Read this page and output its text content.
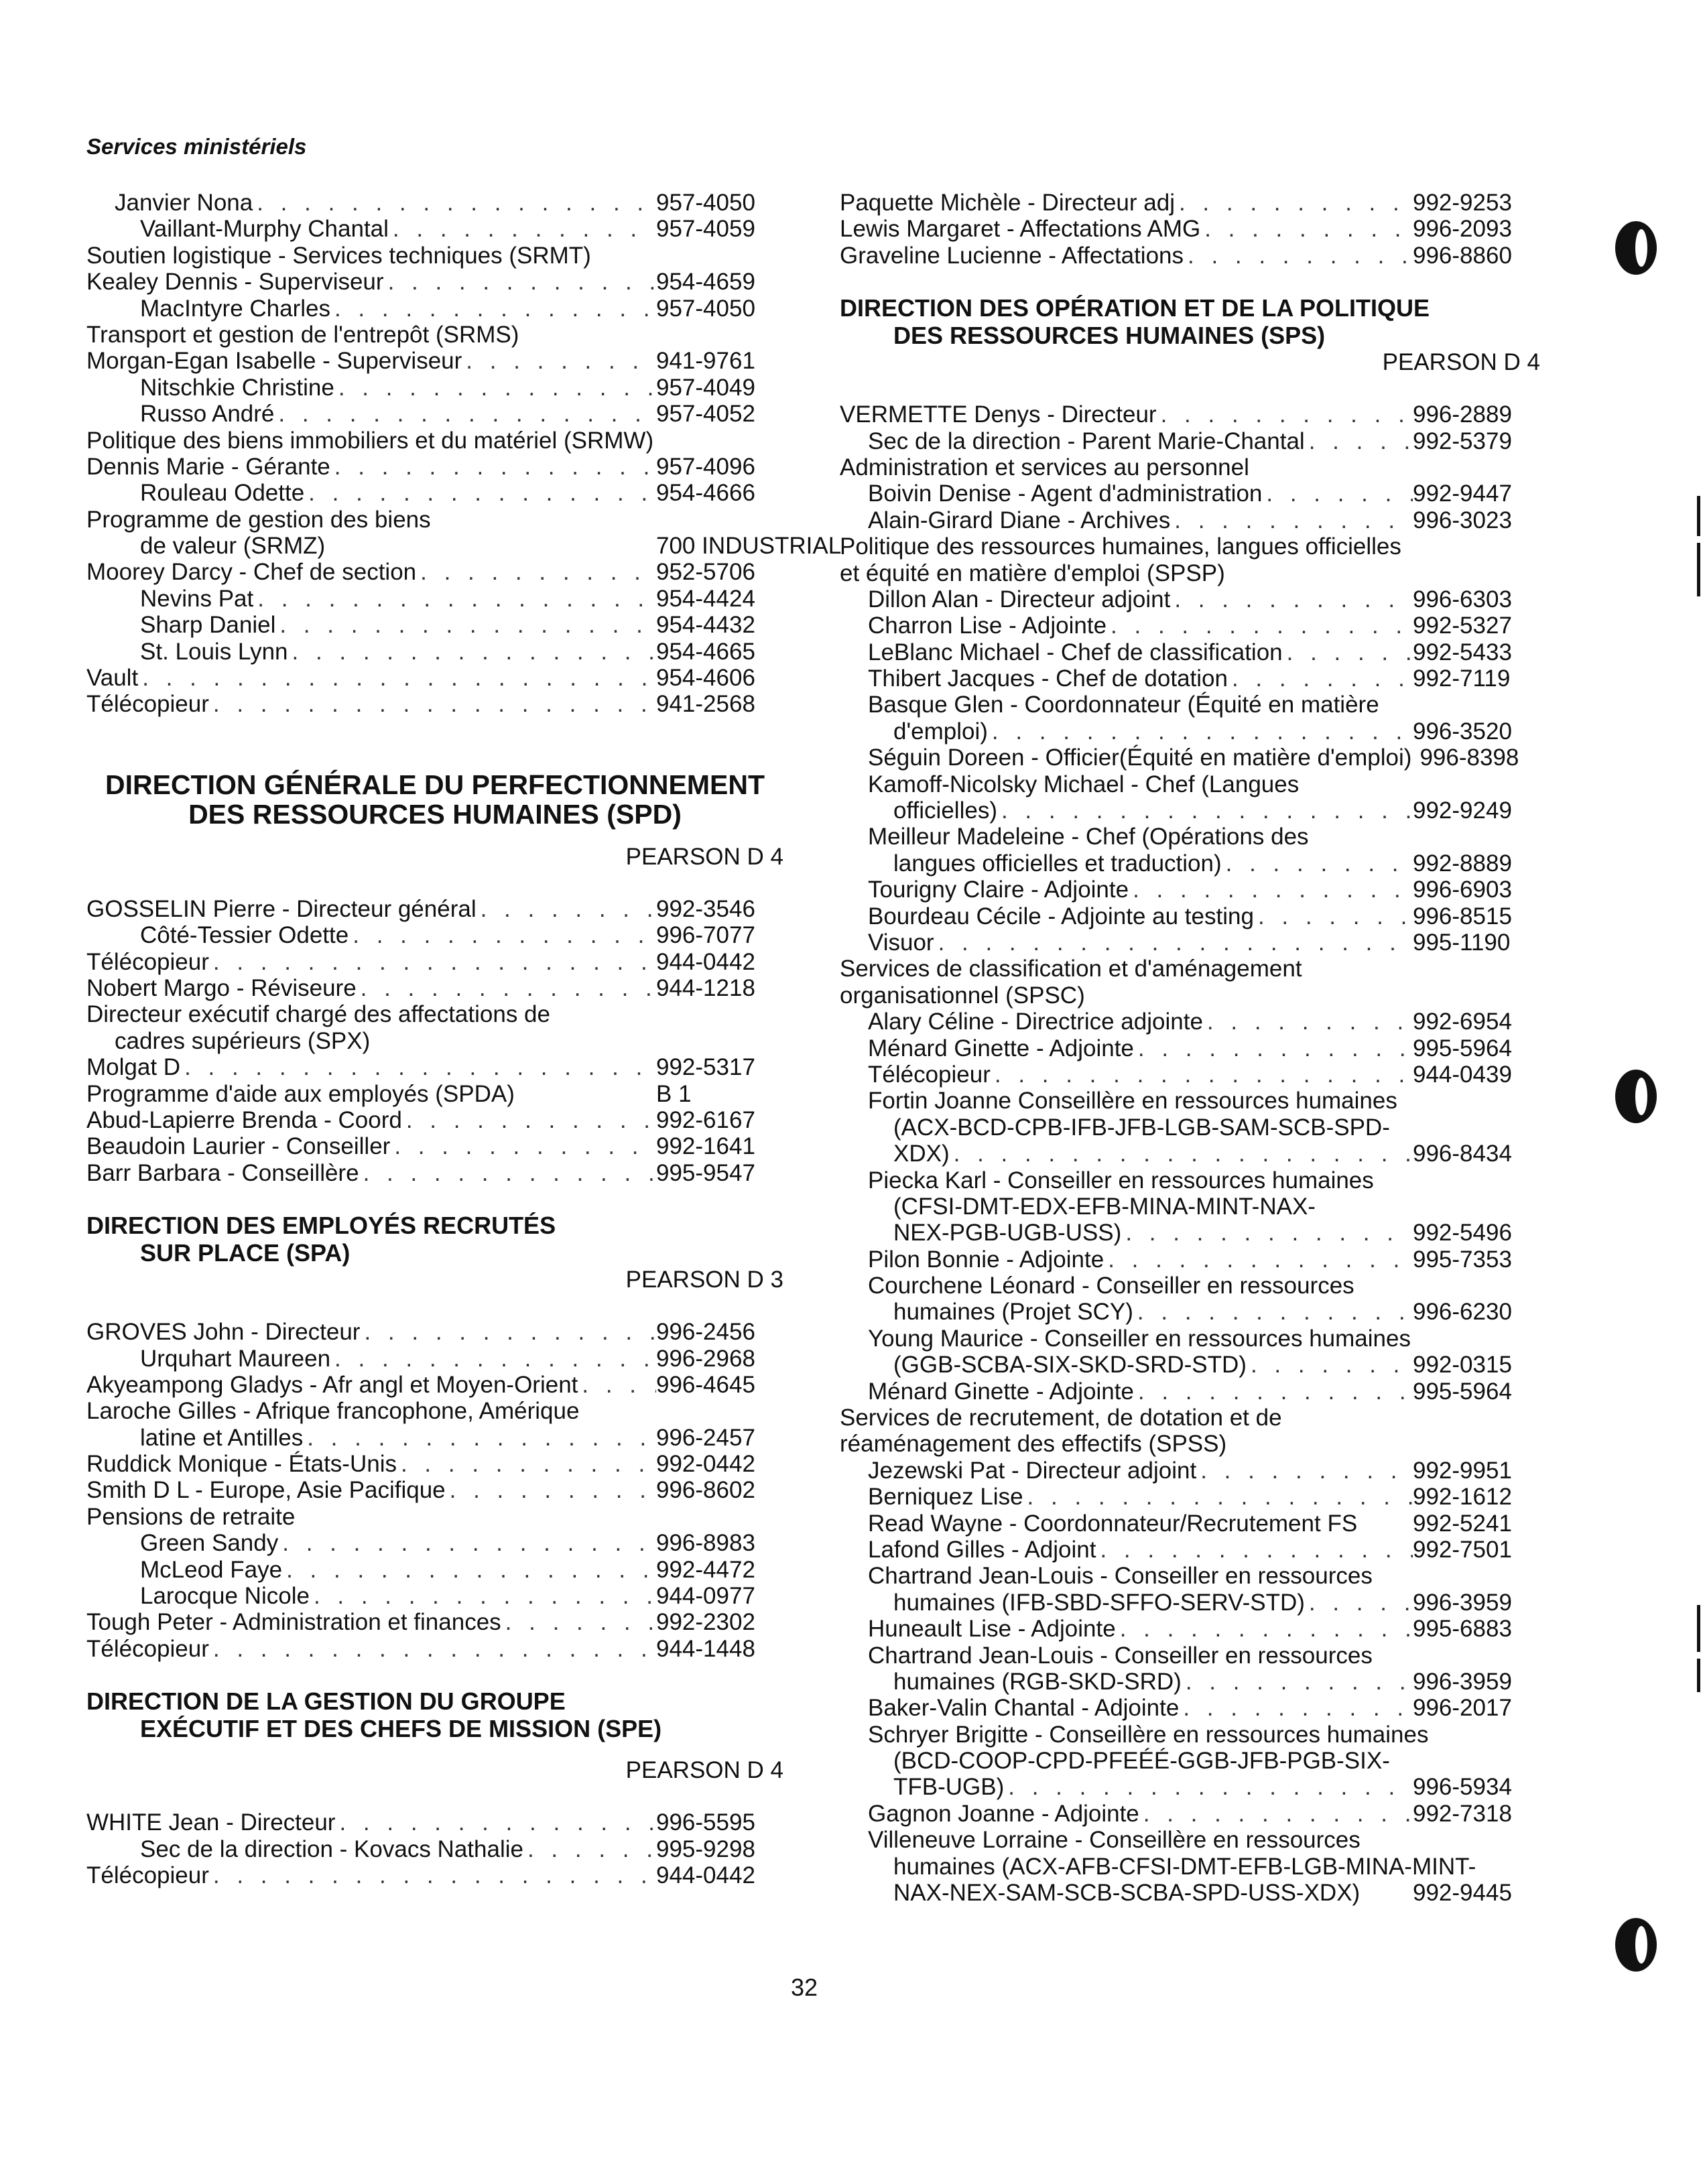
Services ministériels
Janvier Nona . . .	957-4050
Vaillant-Murphy Chantal . . .	957-4059
Soutien logistique - Services techniques (SRMT)
Kealey Dennis - Superviseur . . .	954-4659
MacIntyre Charles . . .	957-4050
Transport et gestion de l'entrepôt (SRMS)
Morgan-Egan Isabelle - Superviseur . . .	941-9761
Nitschkie Christine . . .	957-4049
Russo André . . .	957-4052
Politique des biens immobiliers et du matériel (SRMW)
Dennis Marie - Gérante . . .	957-4096
Rouleau Odette . . .	954-4666
Programme de gestion des biens
de valeur (SRMZ)	700 INDUSTRIAL
Moorey Darcy - Chef de section . . .	952-5706
Nevins Pat . . .	954-4424
Sharp Daniel . . .	954-4432
St. Louis Lynn . . .	954-4665
Vault . . .	954-4606
Télécopieur . . .	941-2568
DIRECTION GÉNÉRALE DU PERFECTIONNEMENT
DES RESSOURCES HUMAINES (SPD)
PEARSON D 4
GOSSELIN Pierre - Directeur général . . .	992-3546
Côté-Tessier Odette . . .	996-7077
Télécopieur . . .	944-0442
Nobert Margo - Réviseure . . .	944-1218
Directeur exécutif chargé des affectations de
cadres supérieurs (SPX)
Molgat D . . .	992-5317
Programme d'aide aux employés (SPDA)	B 1
Abud-Lapierre Brenda - Coord . . .	992-6167
Beaudoin Laurier - Conseiller . . .	992-1641
Barr Barbara - Conseillère . . .	995-9547
DIRECTION DES EMPLOYÉS RECRUTÉS
SUR PLACE (SPA)
PEARSON D 3
GROVES John - Directeur . . .	996-2456
Urquhart Maureen . . .	996-2968
Akyeampong Gladys - Afr angl et Moyen-Orient . . .	996-4645
Laroche Gilles - Afrique francophone, Amérique
latine et Antilles . . .	996-2457
Ruddick Monique - États-Unis . . .	992-0442
Smith D L - Europe, Asie Pacifique . . .	996-8602
Pensions de retraite
Green Sandy . . .	996-8983
McLeod Faye . . .	992-4472
Larocque Nicole . . .	944-0977
Tough Peter - Administration et finances . . .	992-2302
Télécopieur . . .	944-1448
DIRECTION DE LA GESTION DU GROUPE
EXÉCUTIF ET DES CHEFS DE MISSION (SPE)
PEARSON D 4
WHITE Jean - Directeur . . .	996-5595
Sec de la direction - Kovacs Nathalie . . .	995-9298
Télécopieur . . .	944-0442
Paquette Michèle - Directeur adj . . .	992-9253
Lewis Margaret - Affectations AMG . . .	996-2093
Graveline Lucienne - Affectations . . .	996-8860
DIRECTION DES OPÉRATION ET DE LA POLITIQUE
DES RESSOURCES HUMAINES (SPS)
PEARSON D 4
VERMETTE Denys - Directeur . . .	996-2889
Sec de la direction - Parent Marie-Chantal . . .	992-5379
Administration et services au personnel
Boivin Denise - Agent d'administration . . .	992-9447
Alain-Girard Diane - Archives . . .	996-3023
Politique des ressources humaines, langues officielles
et équité en matière d'emploi (SPSP)
Dillon Alan - Directeur adjoint . . .	996-6303
Charron Lise - Adjointe . . .	992-5327
LeBlanc Michael - Chef de classification . . .	992-5433
Thibert Jacques - Chef de dotation . . .	992-7119
Basque Glen - Coordonnateur (Équité en matière
d'emploi) . . .	996-3520
Séguin Doreen - Officier(Équité en matière d'emploi) 996-8398
Kamoff-Nicolsky Michael - Chef (Langues
officielles) . . .	992-9249
Meilleur Madeleine - Chef (Opérations des
langues officielles et traduction) . . .	992-8889
Tourigny Claire - Adjointe . . .	996-6903
Bourdeau Cécile - Adjointe au testing . . .	996-8515
Visuor . . .	995-1190
Services de classification et d'aménagement
organisationnel (SPSC)
Alary Céline - Directrice adjointe . . .	992-6954
Ménard Ginette - Adjointe . . .	995-5964
Télécopieur . . .	944-0439
Fortin Joanne Conseillère en ressources humaines
(ACX-BCD-CPB-IFB-JFB-LGB-SAM-SCB-SPD-
XDX) . . .	996-8434
Piecka Karl - Conseiller en ressources humaines
(CFSI-DMT-EDX-EFB-MINA-MINT-NAX-
NEX-PGB-UGB-USS) . . .	992-5496
Pilon Bonnie - Adjointe . . .	995-7353
Courchene Léonard - Conseiller en ressources
humaines (Projet SCY) . . .	996-6230
Young Maurice - Conseiller en ressources humaines
(GGB-SCBA-SIX-SKD-SRD-STD) . . .	992-0315
Ménard Ginette - Adjointe . . .	995-5964
Services de recrutement, de dotation et de
réaménagement des effectifs (SPSS)
Jezewski Pat - Directeur adjoint . . .	992-9951
Berniquez Lise . . .	992-1612
Read Wayne - Coordonnateur/Recrutement FS 992-5241
Lafond Gilles - Adjoint . . .	992-7501
Chartrand Jean-Louis - Conseiller en ressources
humaines (IFB-SBD-SFFO-SERV-STD) . . .	996-3959
Huneault Lise - Adjointe . . .	995-6883
Chartrand Jean-Louis - Conseiller en ressources
humaines (RGB-SKD-SRD) . . .	996-3959
Baker-Valin Chantal - Adjointe . . .	996-2017
Schryer Brigitte - Conseillère en ressources humaines
(BCD-COOP-CPD-PFEÉÉ-GGB-JFB-PGB-SIX-
TFB-UGB) . . .	996-5934
Gagnon Joanne - Adjointe . . .	992-7318
Villeneuve Lorraine - Conseillère en ressources
humaines (ACX-AFB-CFSI-DMT-EFB-LGB-MINA-MINT-
NAX-NEX-SAM-SCB-SCBA-SPD-USS-XDX) 992-9445
32
